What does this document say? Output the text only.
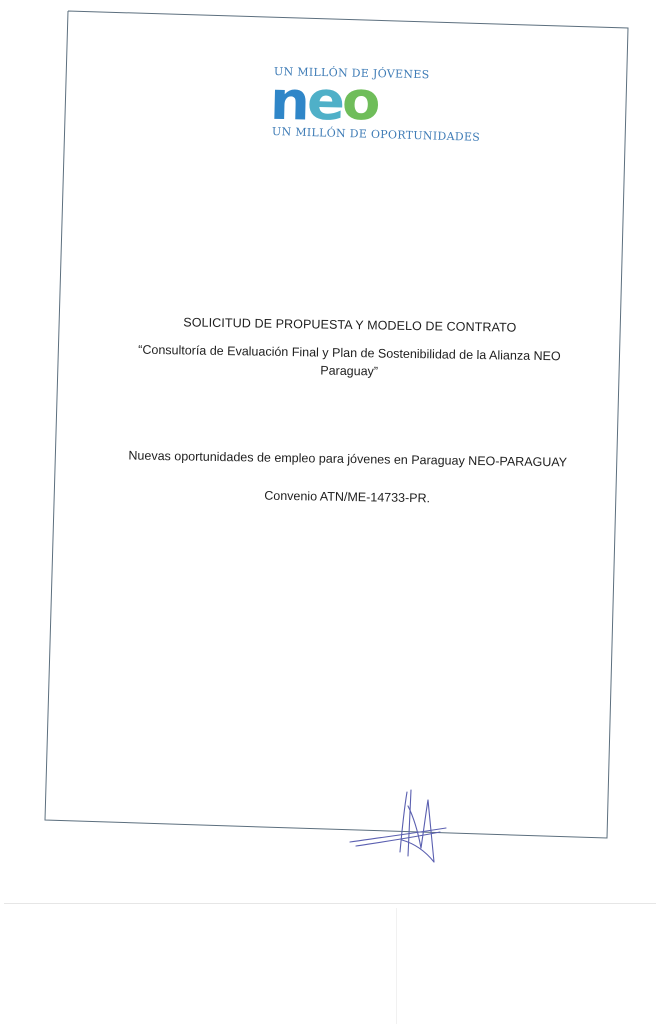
UN MILLÓN DE JÓVENES
neo
UN MILLÓN DE OPORTUNIDADES
SOLICITUD DE PROPUESTA Y MODELO DE CONTRATO
“Consultoría de Evaluación Final y Plan de Sostenibilidad de la Alianza NEO
Paraguay”
Nuevas oportunidades de empleo para jóvenes en Paraguay NEO-PARAGUAY
Convenio ATN/ME-14733-PR.
